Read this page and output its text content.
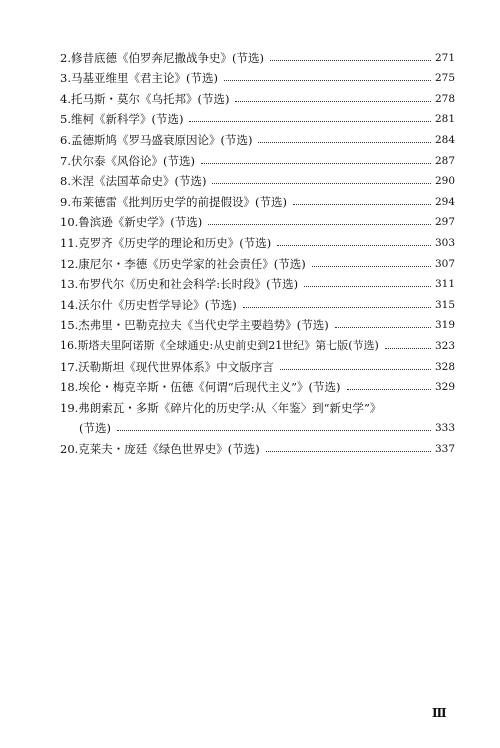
2. 修昔底德《伯罗奔尼撒战争史》(节选)	271
3. 马基亚维里《君主论》(节选)	275
4. 托马斯・莫尔《乌托邦》(节选)	278
5. 维柯《新科学》(节选)	281
6. 孟德斯鸠《罗马盛衰原因论》(节选)	284
7. 伏尔泰《风俗论》(节选)	287
8. 米涅《法国革命史》(节选)	290
9. 布莱德雷《批判历史学的前提假设》(节选)	294
10. 鲁滨逊《新史学》(节选)	297
11. 克罗齐《历史学的理论和历史》(节选)	303
12. 康尼尔・李德《历史学家的社会责任》(节选)	307
13. 布罗代尔《历史和社会科学:长时段》(节选)	311
14. 沃尔什《历史哲学导论》(节选)	315
15. 杰弗里・巴勒克拉夫《当代史学主要趋势》(节选)	319
16. 斯塔夫里阿诺斯《全球通史:从史前史到21世纪》第七版(节选)	323
17. 沃勒斯坦《现代世界体系》中文版序言	328
18. 埃伦・梅克辛斯・伍德《何谓“后现代主义”》(节选)	329
19. 弗朗索瓦・多斯《碎片化的历史学:从〈年鉴〉到“新史学”》
(节选)	333
20. 克莱夫・庞廷《绿色世界史》(节选)	337
Ⅲ
